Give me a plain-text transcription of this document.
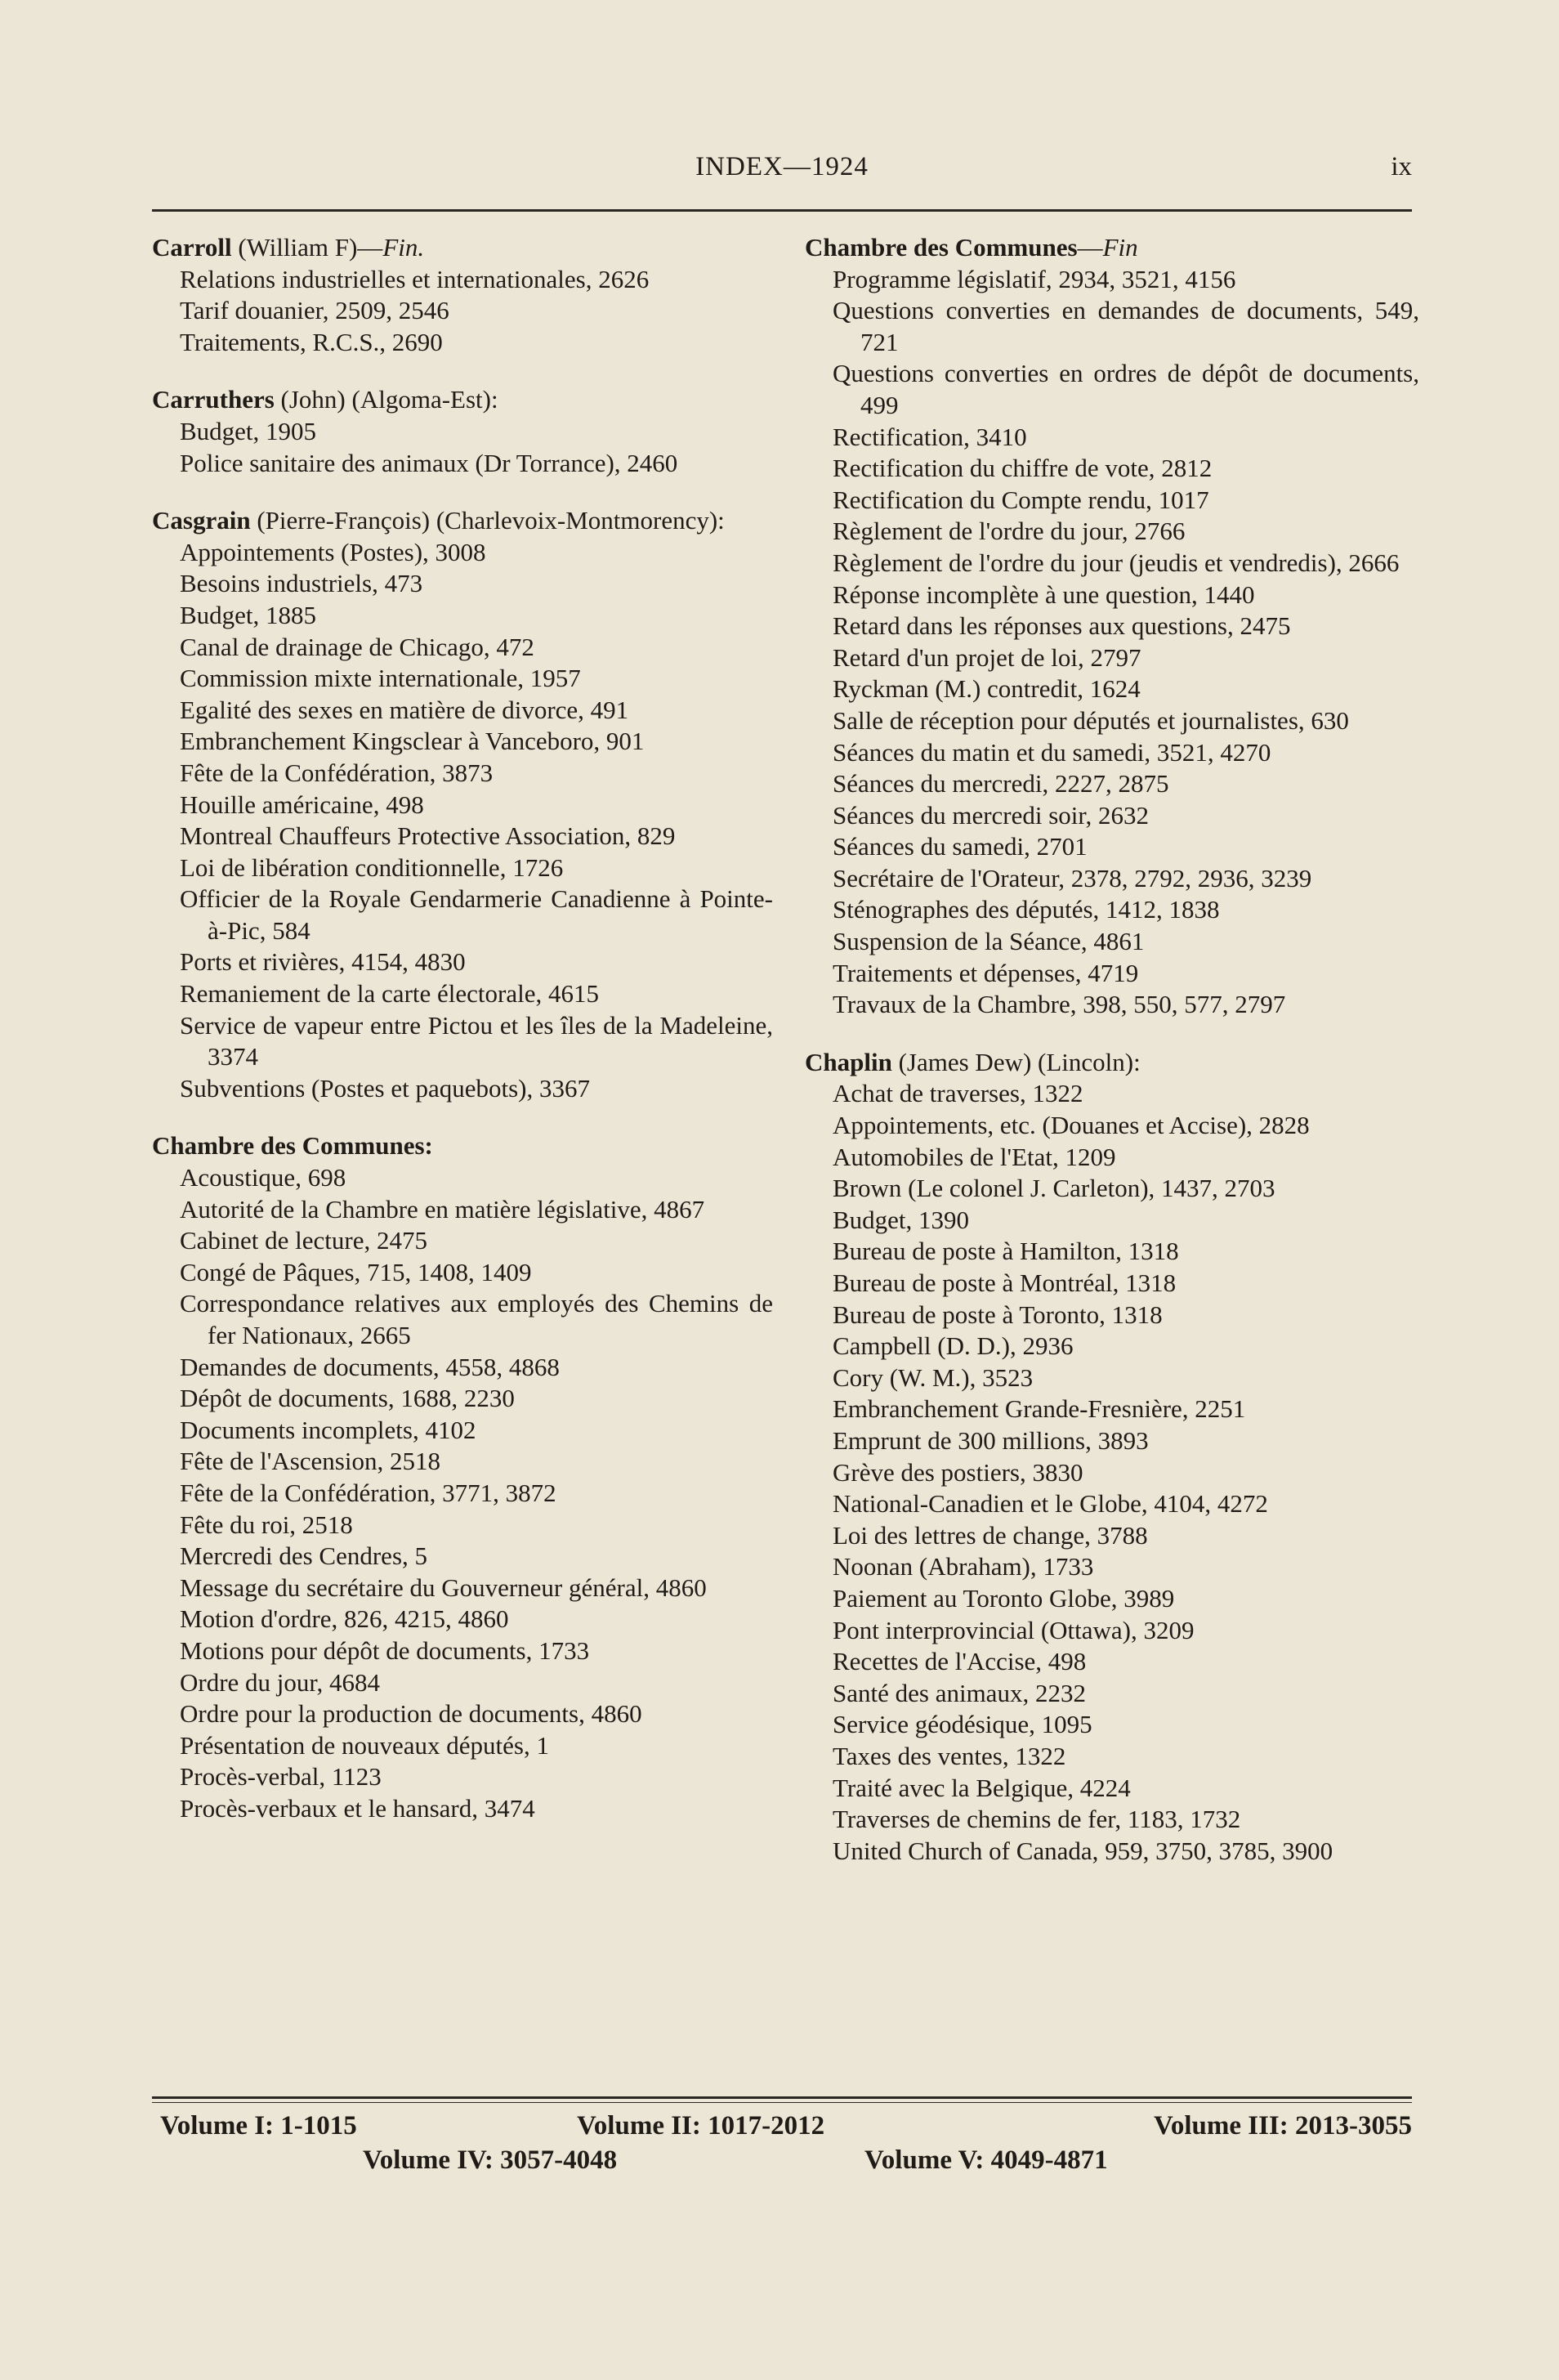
INDEX—1924	ix
Carroll (William F)—Fin.
Relations industrielles et internationales, 2626
Tarif douanier, 2509, 2546
Traitements, R.C.S., 2690
Carruthers (John) (Algoma-Est):
Budget, 1905
Police sanitaire des animaux (Dr Torrance), 2460
Casgrain (Pierre-François) (Charlevoix-Montmorency):
Appointements (Postes), 3008
Besoins industriels, 473
Budget, 1885
Canal de drainage de Chicago, 472
Commission mixte internationale, 1957
Egalité des sexes en matière de divorce, 491
Embranchement Kingsclear à Vanceboro, 901
Fête de la Confédération, 3873
Houille américaine, 498
Montreal Chauffeurs Protective Association, 829
Loi de libération conditionnelle, 1726
Officier de la Royale Gendarmerie Canadienne à Pointe-à-Pic, 584
Ports et rivières, 4154, 4830
Remaniement de la carte électorale, 4615
Service de vapeur entre Pictou et les îles de la Madeleine, 3374
Subventions (Postes et paquebots), 3367
Chambre des Communes:
Acoustique, 698
Autorité de la Chambre en matière législative, 4867
Cabinet de lecture, 2475
Congé de Pâques, 715, 1408, 1409
Correspondance relatives aux employés des Chemins de fer Nationaux, 2665
Demandes de documents, 4558, 4868
Dépôt de documents, 1688, 2230
Documents incomplets, 4102
Fête de l'Ascension, 2518
Fête de la Confédération, 3771, 3872
Fête du roi, 2518
Mercredi des Cendres, 5
Message du secrétaire du Gouverneur général, 4860
Motion d'ordre, 826, 4215, 4860
Motions pour dépôt de documents, 1733
Ordre du jour, 4684
Ordre pour la production de documents, 4860
Présentation de nouveaux députés, 1
Procès-verbal, 1123
Procès-verbaux et le hansard, 3474
Chambre des Communes—Fin
Programme législatif, 2934, 3521, 4156
Questions converties en demandes de documents, 549, 721
Questions converties en ordres de dépôt de documents, 499
Rectification, 3410
Rectification du chiffre de vote, 2812
Rectification du Compte rendu, 1017
Règlement de l'ordre du jour, 2766
Règlement de l'ordre du jour (jeudis et vendredis), 2666
Réponse incomplète à une question, 1440
Retard dans les réponses aux questions, 2475
Retard d'un projet de loi, 2797
Ryckman (M.) contredit, 1624
Salle de réception pour députés et journalistes, 630
Séances du matin et du samedi, 3521, 4270
Séances du mercredi, 2227, 2875
Séances du mercredi soir, 2632
Séances du samedi, 2701
Secrétaire de l'Orateur, 2378, 2792, 2936, 3239
Sténographes des députés, 1412, 1838
Suspension de la Séance, 4861
Traitements et dépenses, 4719
Travaux de la Chambre, 398, 550, 577, 2797
Chaplin (James Dew) (Lincoln):
Achat de traverses, 1322
Appointements, etc. (Douanes et Accise), 2828
Automobiles de l'Etat, 1209
Brown (Le colonel J. Carleton), 1437, 2703
Budget, 1390
Bureau de poste à Hamilton, 1318
Bureau de poste à Montréal, 1318
Bureau de poste à Toronto, 1318
Campbell (D. D.), 2936
Cory (W. M.), 3523
Embranchement Grande-Fresnière, 2251
Emprunt de 300 millions, 3893
Grève des postiers, 3830
National-Canadien et le Globe, 4104, 4272
Loi des lettres de change, 3788
Noonan (Abraham), 1733
Paiement au Toronto Globe, 3989
Pont interprovincial (Ottawa), 3209
Recettes de l'Accise, 498
Santé des animaux, 2232
Service géodésique, 1095
Taxes des ventes, 1322
Traité avec la Belgique, 4224
Traverses de chemins de fer, 1183, 1732
United Church of Canada, 959, 3750, 3785, 3900
Volume I: 1-1015	Volume II: 1017-2012	Volume III: 2013-3055
Volume IV: 3057-4048	Volume V: 4049-4871
